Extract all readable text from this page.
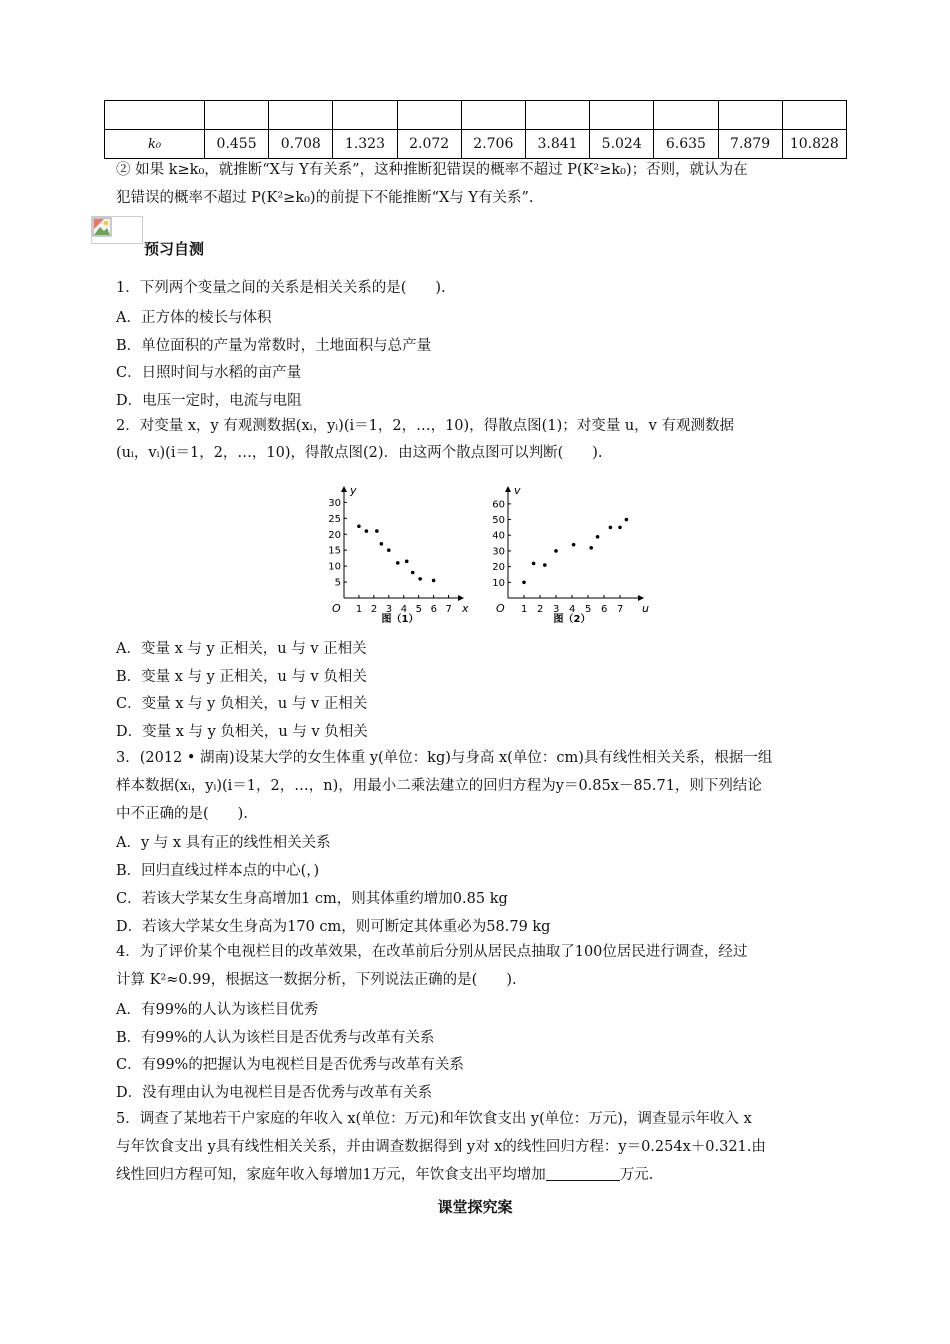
k₀	0.455	0.708	1.323	2.072	2.706	3.841	5.024	6.635	7.879	10.828
② 如果 k≥k₀，就推断“X与 Y有关系”，这种推断犯错误的概率不超过 P(K²≥k₀)；否则，就认为在
犯错误的概率不超过 P(K²≥k₀)的前提下不能推断“X与 Y有关系”.
预习自测
1．下列两个变量之间的关系是相关关系的是(　　).
A．正方体的棱长与体积
B．单位面积的产量为常数时，土地面积与总产量
C．日照时间与水稻的亩产量
D．电压一定时，电流与电阻
2．对变量 x，y 有观测数据(xᵢ，yᵢ)(i＝1，2，…，10)，得散点图(1)；对变量 u，v 有观测数据
(uᵢ，vᵢ)(i＝1，2，…，10)，得散点图(2)．由这两个散点图可以判断(　　).
x
y
O 1 2 3 4 5 6 7
5
10
15
20
25
30
图（1）
u
v
O 1 2 3 4 5 6 7
10
20
30
40
50
60
图（2）
A．变量 x 与 y 正相关，u 与 v 正相关
B．变量 x 与 y 正相关，u 与 v 负相关
C．变量 x 与 y 负相关，u 与 v 正相关
D．变量 x 与 y 负相关，u 与 v 负相关
3．(2012 • 湖南)设某大学的女生体重 y(单位：kg)与身高 x(单位：cm)具有线性相关关系，根据一组
样本数据(xᵢ，yᵢ)(i＝1，2，…，n)，用最小二乘法建立的回归方程为y＝0.85x－85.71，则下列结论
中不正确的是(　　).
A．y 与 x 具有正的线性相关关系
B．回归直线过样本点的中心(，)
C．若该大学某女生身高增加1 cm，则其体重约增加0.85 kg
D．若该大学某女生身高为170 cm，则可断定其体重必为58.79 kg
4．为了评价某个电视栏目的改革效果，在改革前后分别从居民点抽取了100位居民进行调查，经过
计算 K²≈0.99，根据这一数据分析，下列说法正确的是(　　).
A．有99%的人认为该栏目优秀
B．有99%的人认为该栏目是否优秀与改革有关系
C．有99%的把握认为电视栏目是否优秀与改革有关系
D．没有理由认为电视栏目是否优秀与改革有关系
5．调查了某地若干户家庭的年收入 x(单位：万元)和年饮食支出 y(单位：万元)，调查显示年收入 x
与年饮食支出 y具有线性相关关系，并由调查数据得到 y对 x的线性回归方程：y＝0.254x＋0.321.由
线性回归方程可知，家庭年收入每增加1万元，年饮食支出平均增加	万元.
课堂探究案
